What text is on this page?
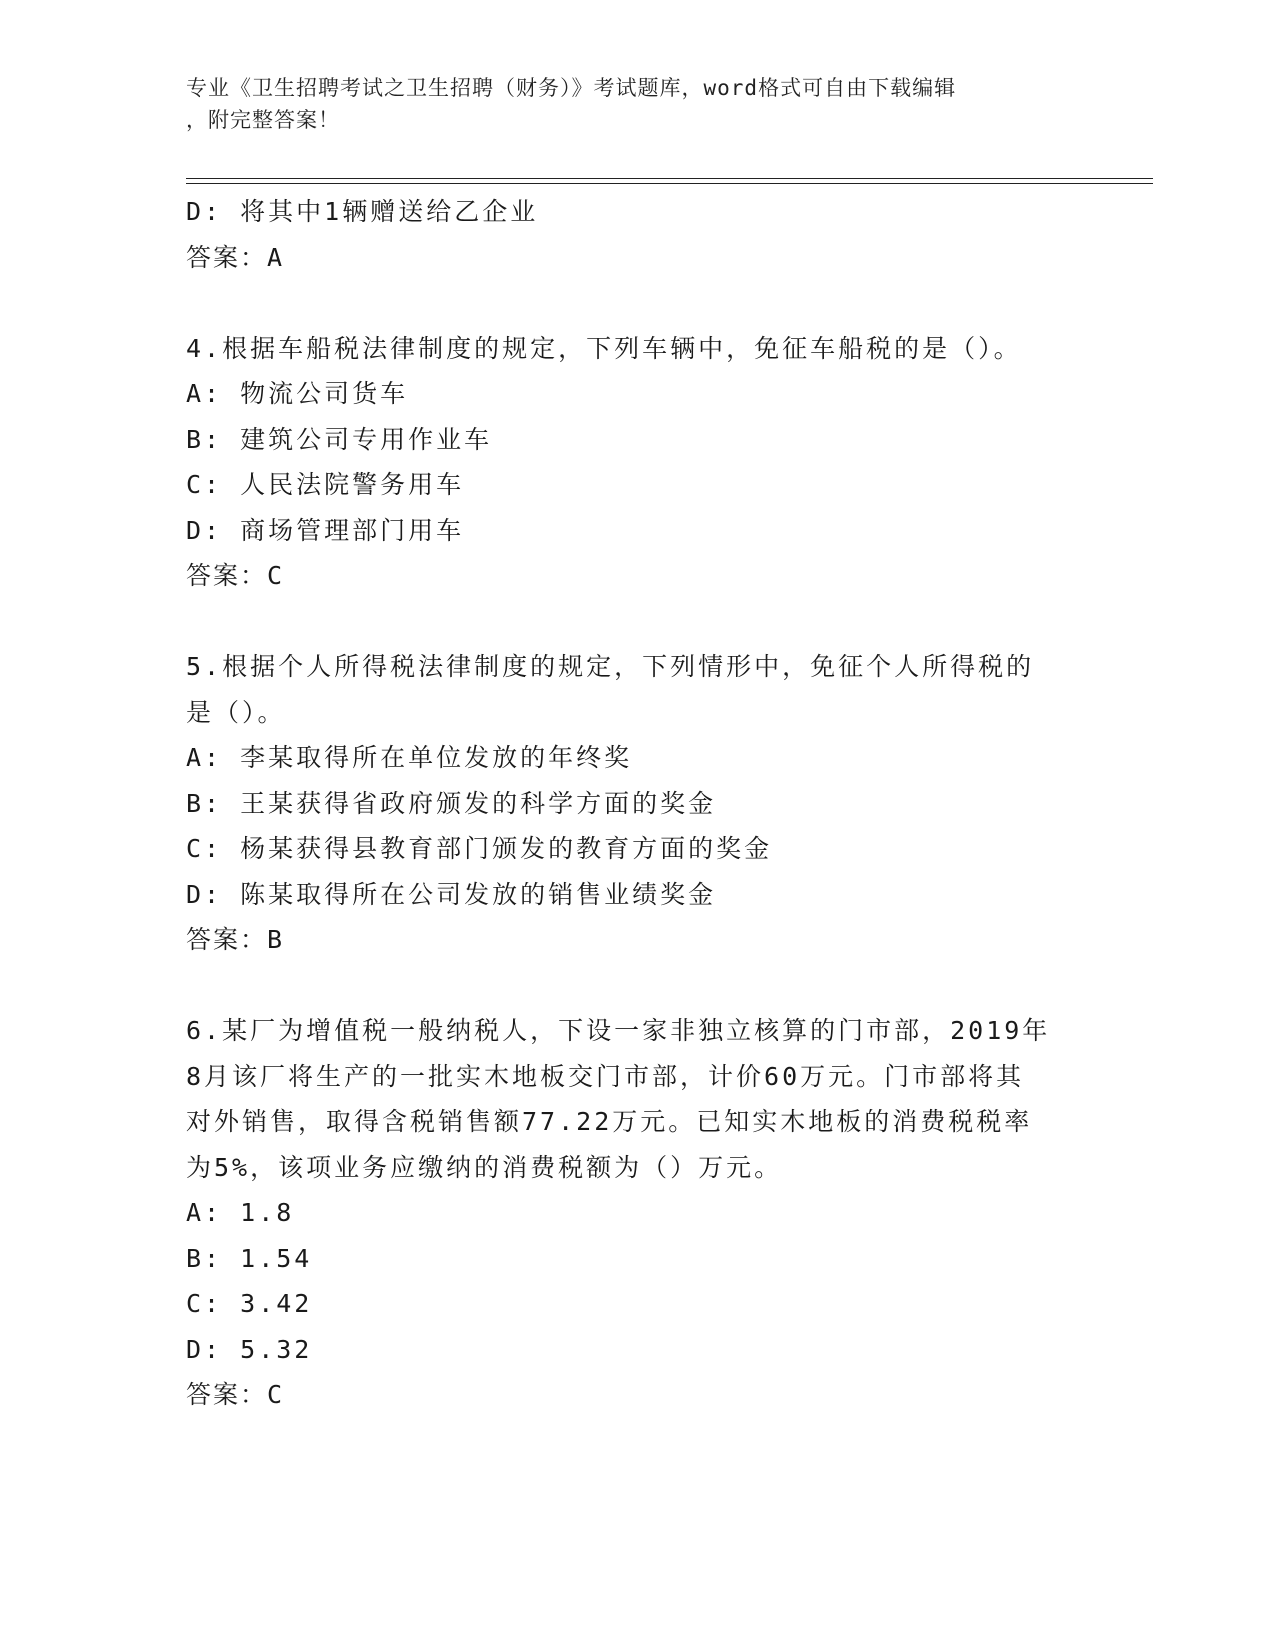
专业《卫生招聘考试之卫生招聘（财务）》考试题库，word格式可自由下载编辑
，附完整答案！
D: 将其中1辆赠送给乙企业
答案：A
4.根据车船税法律制度的规定，下列车辆中，免征车船税的是（）。
A: 物流公司货车
B: 建筑公司专用作业车
C: 人民法院警务用车
D: 商场管理部门用车
答案：C
5.根据个人所得税法律制度的规定，下列情形中，免征个人所得税的
是（）。
A: 李某取得所在单位发放的年终奖
B: 王某获得省政府颁发的科学方面的奖金
C: 杨某获得县教育部门颁发的教育方面的奖金
D: 陈某取得所在公司发放的销售业绩奖金
答案：B
6.某厂为增值税一般纳税人，下设一家非独立核算的门市部，2019年
8月该厂将生产的一批实木地板交门市部，计价60万元。门市部将其
对外销售，取得含税销售额77.22万元。已知实木地板的消费税税率
为5%，该项业务应缴纳的消费税额为（）万元。
A: 1.8
B: 1.54
C: 3.42
D: 5.32
答案：C
